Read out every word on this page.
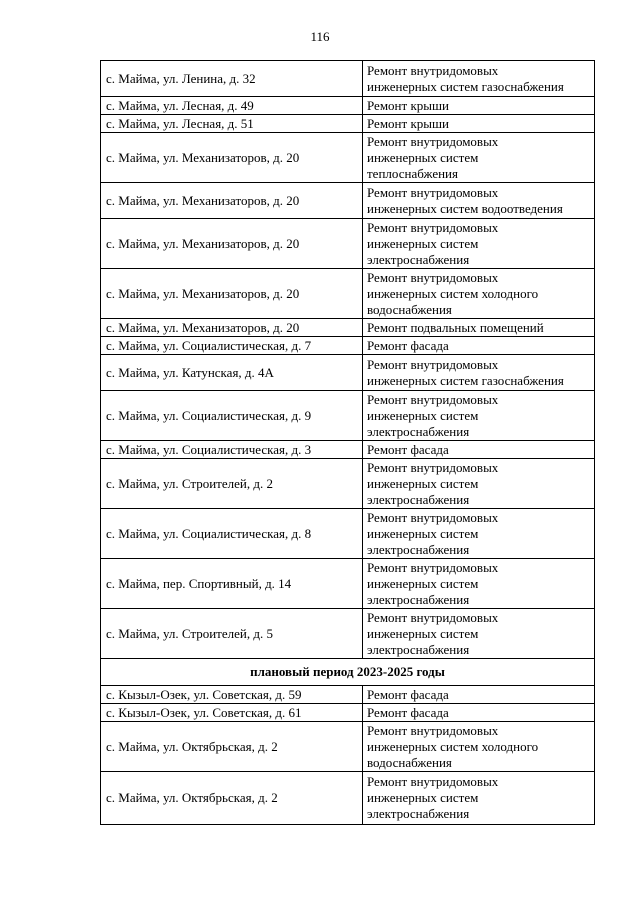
116
с. Майма, ул. Ленина, д. 32	Ремонт внутридомовых
инженерных систем газоснабжения

с. Майма, ул. Лесная, д. 49	Ремонт крыши

с. Майма, ул. Лесная, д. 51	Ремонт крыши

с. Майма, ул. Механизаторов, д. 20	Ремонт внутридомовых
инженерных систем
теплоснабжения

с. Майма, ул. Механизаторов, д. 20	Ремонт внутридомовых
инженерных систем водоотведения

с. Майма, ул. Механизаторов, д. 20	Ремонт внутридомовых
инженерных систем
электроснабжения

с. Майма, ул. Механизаторов, д. 20	Ремонт внутридомовых
инженерных систем холодного
водоснабжения

с. Майма, ул. Механизаторов, д. 20	Ремонт подвальных помещений

с. Майма, ул. Социалистическая, д. 7	Ремонт фасада

с. Майма, ул. Катунская, д. 4А	Ремонт внутридомовых
инженерных систем газоснабжения

с. Майма, ул. Социалистическая, д. 9	Ремонт внутридомовых
инженерных систем
электроснабжения

с. Майма, ул. Социалистическая, д. 3	Ремонт фасада

с. Майма, ул. Строителей, д. 2	Ремонт внутридомовых
инженерных систем
электроснабжения

с. Майма, ул. Социалистическая, д. 8	Ремонт внутридомовых
инженерных систем
электроснабжения

с. Майма, пер. Спортивный, д. 14	Ремонт внутридомовых
инженерных систем
электроснабжения

с. Майма, ул. Строителей, д. 5	Ремонт внутридомовых
инженерных систем
электроснабжения

плановый период 2023-2025 годы	
с. Кызыл-Озек, ул. Советская, д. 59	Ремонт фасада

с. Кызыл-Озек, ул. Советская, д. 61	Ремонт фасада

с. Майма, ул. Октябрьская, д. 2	Ремонт внутридомовых
инженерных систем холодного
водоснабжения

с. Майма, ул. Октябрьская, д. 2	Ремонт внутридомовых
инженерных систем
электроснабжения
